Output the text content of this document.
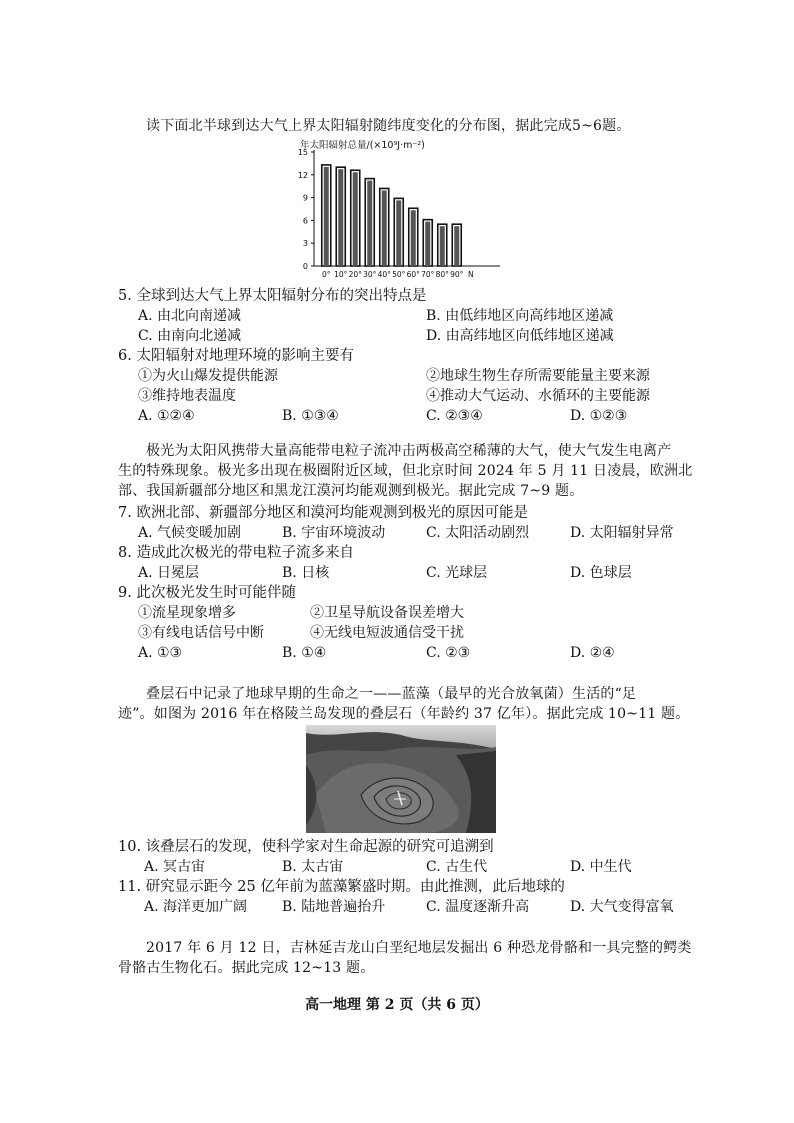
读下面北半球到达大气上界太阳辐射随纬度变化的分布图，据此完成5~6题。
年太阳辐射总量/(×10⁹J·m⁻²)
0
3
6
9
12
15
0° 10° 20° 30° 40° 50° 60° 70° 80° 90° N
5. 全球到达大气上界太阳辐射分布的突出特点是
A. 由北向南递减	B. 由低纬地区向高纬地区递减
C. 由南向北递减	D. 由高纬地区向低纬地区递减
6. 太阳辐射对地理环境的影响主要有
①为火山爆发提供能源	②地球生物生存所需要能量主要来源
③维持地表温度	④推动大气运动、水循环的主要能源
A. ①②④	B. ①③④	C. ②③④	D. ①②③
极光为太阳风携带大量高能带电粒子流冲击两极高空稀薄的大气，使大气发生电离产
生的特殊现象。极光多出现在极圈附近区域，但北京时间 2024 年 5 月 11 日凌晨，欧洲北
部、我国新疆部分地区和黑龙江漠河均能观测到极光。据此完成 7~9 题。
7. 欧洲北部、新疆部分地区和漠河均能观测到极光的原因可能是
A. 气候变暖加剧	B. 宇宙环境波动	C. 太阳活动剧烈	D. 太阳辐射异常
8. 造成此次极光的带电粒子流多来自
A. 日冕层	B. 日核	C. 光球层	D. 色球层
9. 此次极光发生时可能伴随
①流星现象增多	②卫星导航设备误差增大
③有线电话信号中断	④无线电短波通信受干扰
A. ①③	B. ①④	C. ②③	D. ②④
叠层石中记录了地球早期的生命之一——蓝藻（最早的光合放氧菌）生活的“足
迹”。如图为 2016 年在格陵兰岛发现的叠层石（年龄约 37 亿年）。据此完成 10~11 题。
10. 该叠层石的发现，使科学家对生命起源的研究可追溯到
A. 冥古宙	B. 太古宙	C. 古生代	D. 中生代
11. 研究显示距今 25 亿年前为蓝藻繁盛时期。由此推测，此后地球的
A. 海洋更加广阔 B. 陆地普遍抬升	C. 温度逐渐升高	D. 大气变得富氧
2017 年 6 月 12 日，吉林延吉龙山白垩纪地层发掘出 6 种恐龙骨骼和一具完整的鳄类
骨骼古生物化石。据此完成 12~13 题。
高一地理 第 2 页（共 6 页）
